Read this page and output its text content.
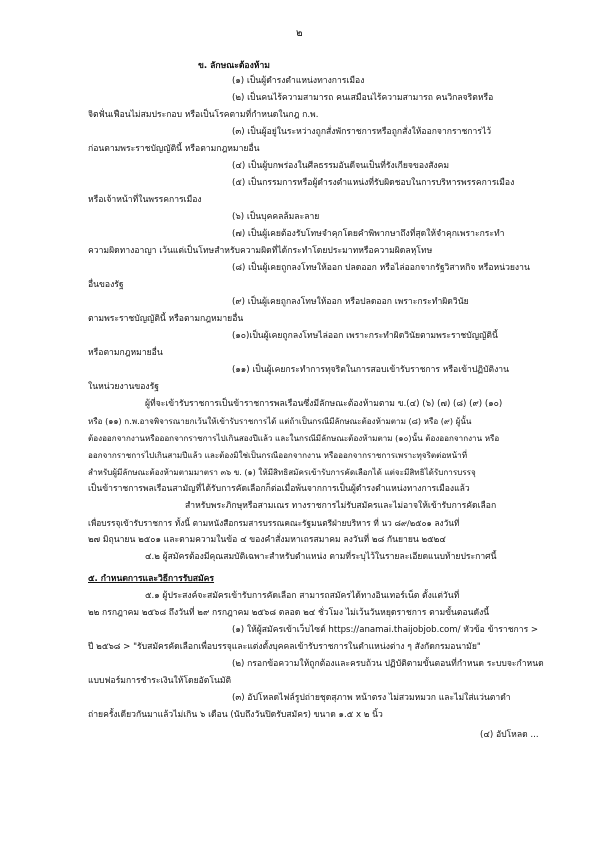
๒
ข. ลักษณะต้องห้าม
(๑) เป็นผู้ดำรงตำแหน่งทางการเมือง
(๒) เป็นคนไร้ความสามารถ คนเสมือนไร้ความสามารถ คนวิกลจริตหรือ
จิตฟั่นเฟือนไม่สมประกอบ หรือเป็นโรคตามที่กำหนดในกฎ ก.พ.
(๓) เป็นผู้อยู่ในระหว่างถูกสั่งพักราชการหรือถูกสั่งให้ออกจากราชการไว้
ก่อนตามพระราชบัญญัตินี้ หรือตามกฎหมายอื่น
(๔) เป็นผู้บกพร่องในศีลธรรมอันดีจนเป็นที่รังเกียจของสังคม
(๕) เป็นกรรมการหรือผู้ดำรงตำแหน่งที่รับผิดชอบในการบริหารพรรคการเมือง
หรือเจ้าหน้าที่ในพรรคการเมือง
(๖) เป็นบุคคลล้มละลาย
(๗) เป็นผู้เคยต้องรับโทษจำคุกโดยคำพิพากษาถึงที่สุดให้จำคุกเพราะกระทำ
ความผิดทางอาญา เว้นแต่เป็นโทษสำหรับความผิดที่ได้กระทำโดยประมาทหรือความผิดลหุโทษ
(๘) เป็นผู้เคยถูกลงโทษให้ออก ปลดออก หรือไล่ออกจากรัฐวิสาหกิจ หรือหน่วยงาน
อื่นของรัฐ
(๙) เป็นผู้เคยถูกลงโทษให้ออก หรือปลดออก เพราะกระทำผิดวินัย
ตามพระราชบัญญัตินี้ หรือตามกฎหมายอื่น
(๑๐)เป็นผู้เคยถูกลงโทษไล่ออก เพราะกระทำผิดวินัยตามพระราชบัญญัตินี้
หรือตามกฎหมายอื่น
(๑๑) เป็นผู้เคยกระทำการทุจริตในการสอบเข้ารับราชการ หรือเข้าปฏิบัติงาน
ในหน่วยงานของรัฐ
ผู้ที่จะเข้ารับราชการเป็นข้าราชการพลเรือนซึ่งมีลักษณะต้องห้ามตาม ข.(๔) (๖) (๗) (๘) (๙) (๑๐)
หรือ (๑๑) ก.พ.อาจพิจารณายกเว้นให้เข้ารับราชการได้ แต่ถ้าเป็นกรณีมีลักษณะต้องห้ามตาม (๘) หรือ (๙) ผู้นั้น
ต้องออกจากงานหรือออกจากราชการไปเกินสองปีแล้ว และในกรณีมีลักษณะต้องห้ามตาม (๑๐)นั้น ต้องออกจากงาน หรือ
ออกจากราชการไปเกินสามปีแล้ว และต้องมิใช่เป็นกรณีออกจากงาน หรือออกจากราชการเพราะทุจริตต่อหน้าที่
สำหรับผู้มีลักษณะต้องห้ามตามมาตรา ๓๖ ข. (๑) ให้มีสิทธิสมัครเข้ารับการคัดเลือกได้ แต่จะมีสิทธิได้รับการบรรจุ
เป็นข้าราชการพลเรือนสามัญที่ได้รับการคัดเลือกก็ต่อเมื่อพ้นจากการเป็นผู้ดำรงตำแหน่งทางการเมืองแล้ว
สำหรับพระภิกษุหรือสามเณร ทางราชการไม่รับสมัครและไม่อาจให้เข้ารับการคัดเลือก
เพื่อบรรจุเข้ารับราชการ ทั้งนี้ ตามหนังสือกรมสารบรรณคณะรัฐมนตรีฝ่ายบริหาร ที่ นว ๘๙/๒๕๐๑ ลงวันที่
๒๗ มิถุนายน ๒๕๐๑ และตามความในข้อ ๔ ของคำสั่งมหาเถรสมาคม ลงวันที่ ๒๘ กันยายน ๒๕๒๔
๔.๒ ผู้สมัครต้องมีคุณสมบัติเฉพาะสำหรับตำแหน่ง ตามที่ระบุไว้ในรายละเอียดแนบท้ายประกาศนี้
๕. กำหนดการและวิธีการรับสมัคร
๕.๑ ผู้ประสงค์จะสมัครเข้ารับการคัดเลือก สามารถสมัครได้ทางอินเทอร์เน็ต ตั้งแต่วันที่
๒๒ กรกฎาคม ๒๕๖๘ ถึงวันที่ ๒๙ กรกฎาคม ๒๕๖๘ ตลอด ๒๔ ชั่วโมง ไม่เว้นวันหยุดราชการ ตามขั้นตอนดังนี้
(๑) ให้ผู้สมัครเข้าเว็บไซต์ https://anamai.thaijobjob.com/ หัวข้อ ข้าราชการ >
ปี ๒๕๖๘ > "รับสมัครคัดเลือกเพื่อบรรจุและแต่งตั้งบุคคลเข้ารับราชการในตำแหน่งต่าง ๆ สังกัดกรมอนามัย"
(๒) กรอกข้อความให้ถูกต้องและครบถ้วน ปฏิบัติตามขั้นตอนที่กำหนด ระบบจะกำหนด
แบบฟอร์มการชำระเงินให้โดยอัตโนมัติ
(๓) อัปโหลดไฟล์รูปถ่ายชุดสุภาพ หน้าตรง ไม่สวมหมวก และไม่ใส่แว่นตาดำ
ถ่ายครั้งเดียวกันมาแล้วไม่เกิน ๖ เดือน (นับถึงวันปิดรับสมัคร) ขนาด ๑.๕ x ๒ นิ้ว
(๔) อัปโหลด ...
